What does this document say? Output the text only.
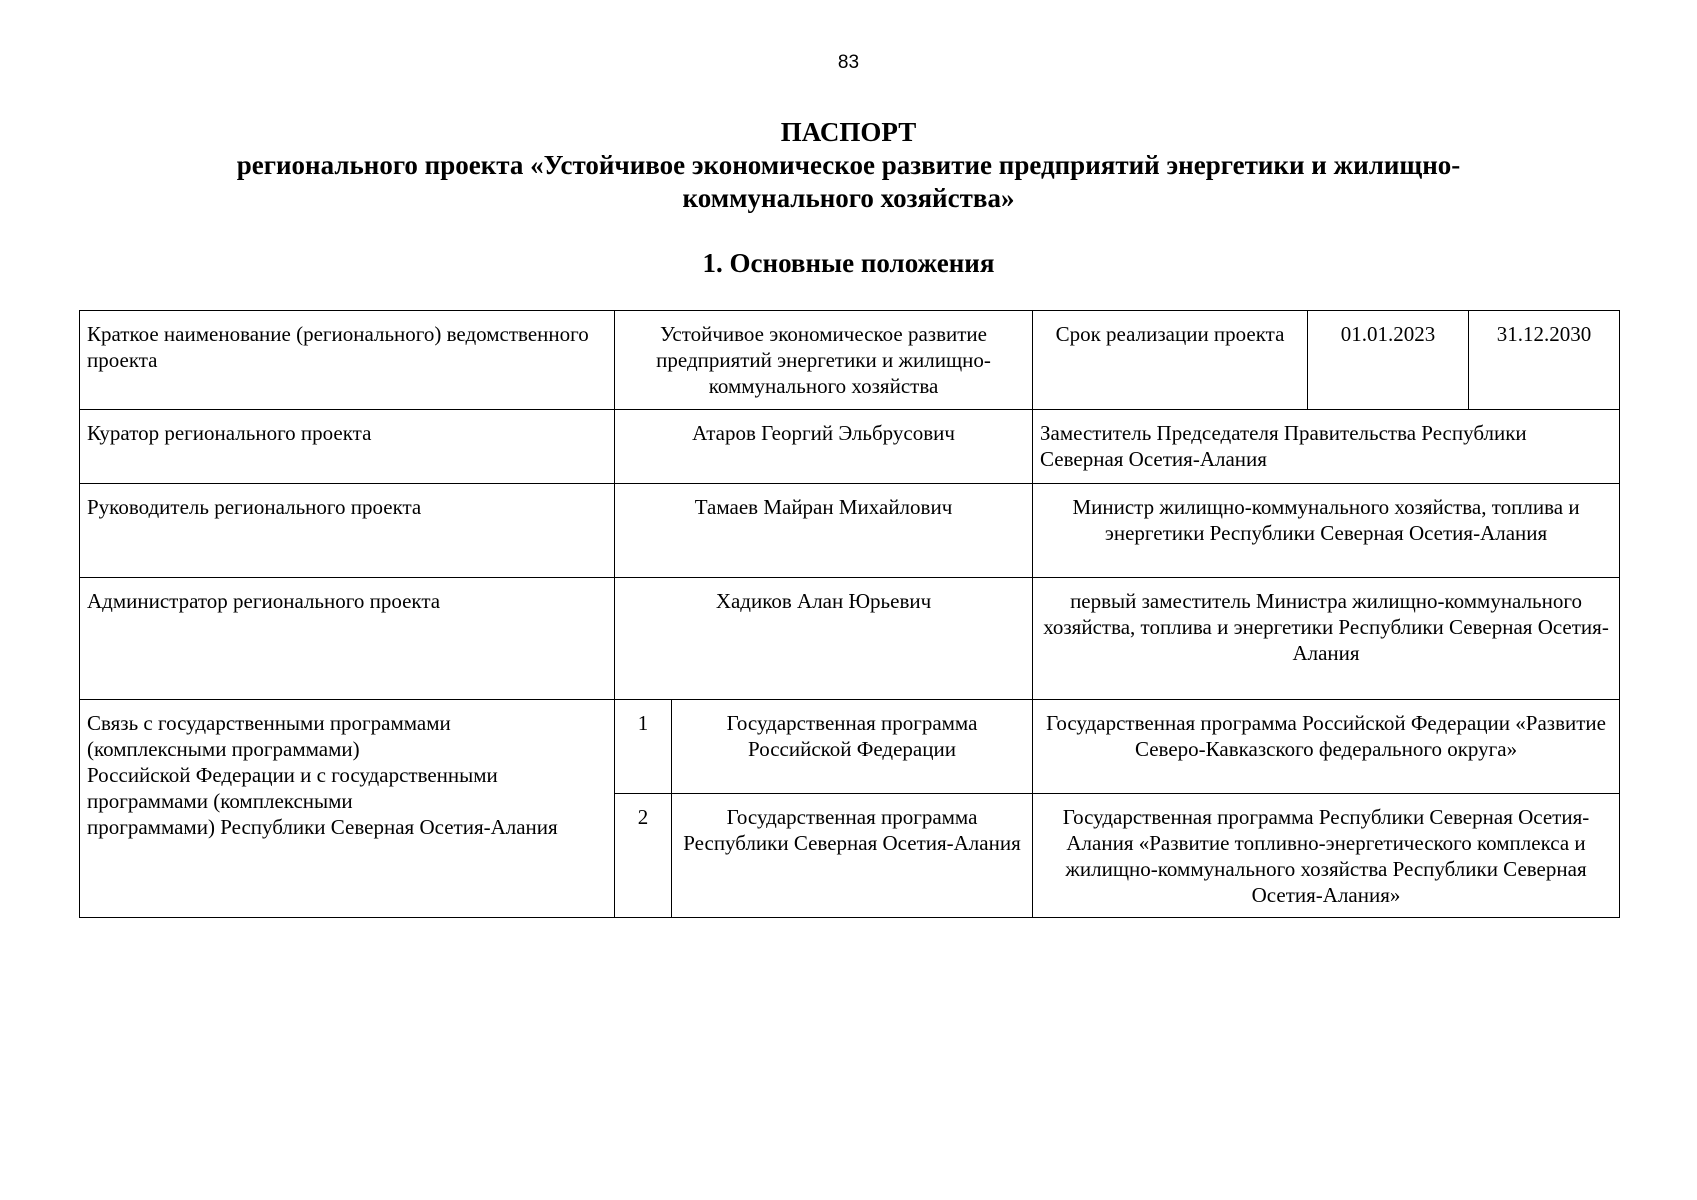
83
ПАСПОРТ
регионального проекта «Устойчивое экономическое развитие предприятий энергетики и жилищно-
коммунального хозяйства»
1. Основные положения
Краткое наименование (регионального) ведомственного проекта	Устойчивое экономическое развитие предприятий энергетики и жилищно-коммунального хозяйства		Срок реализации проекта	01.01.2023	31.12.2030
Куратор регионального проекта	Атаров Георгий Эльбрусович		Заместитель Председателя Правительства Республики Северная Осетия-Алания		
Руководитель регионального проекта	Тамаев Майран Михайлович		Министр жилищно-коммунального хозяйства, топлива и энергетики Республики Северная Осетия-Алания		
Администратор регионального проекта	Хадиков Алан Юрьевич		первый заместитель Министра жилищно-коммунального хозяйства, топлива и энергетики Республики Северная Осетия-Алания		

Связь с государственными программами
(комплексными программами)
Российской Федерации и с государственными
программами (комплексными
программами) Республики Северная Осетия-Алания	1	Государственная программа Российской Федерации	Государственная программа Российской Федерации «Развитие Северо-Кавказского федерального округа»		
	2	Государственная программа Республики Северная Осетия-Алания	Государственная программа Республики Северная Осетия-Алания «Развитие топливно-энергетического комплекса и жилищно-коммунального хозяйства Республики Северная Осетия-Алания»		
